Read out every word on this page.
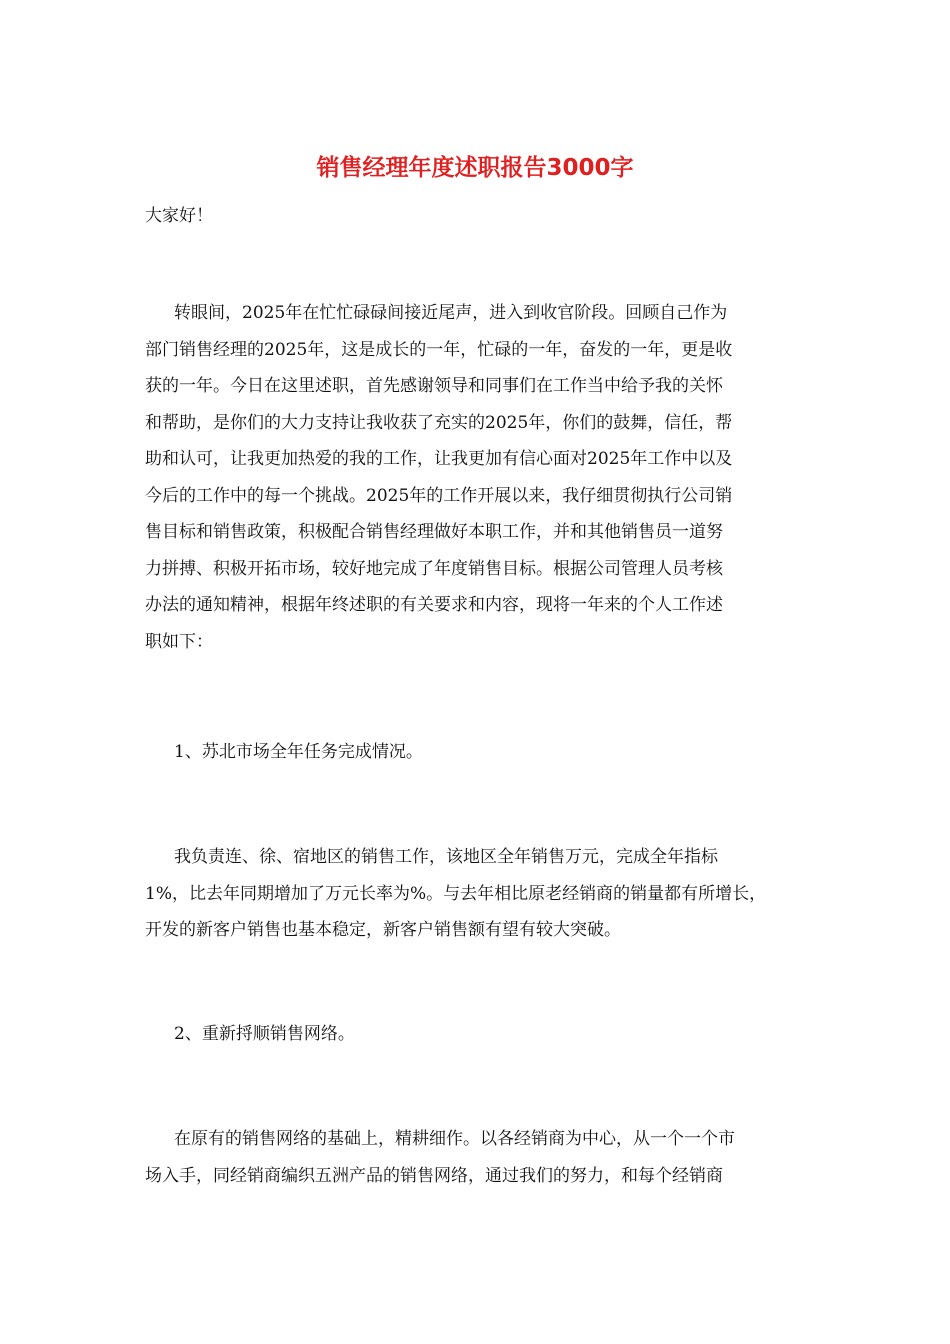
销售经理年度述职报告3000字
大家好！
转眼间，2025年在忙忙碌碌间接近尾声，进入到收官阶段。回顾自己作为
部门销售经理的2025年，这是成长的一年，忙碌的一年，奋发的一年，更是收
获的一年。今日在这里述职，首先感谢领导和同事们在工作当中给予我的关怀
和帮助，是你们的大力支持让我收获了充实的2025年，你们的鼓舞，信任，帮
助和认可，让我更加热爱的我的工作，让我更加有信心面对2025年工作中以及
今后的工作中的每一个挑战。2025年的工作开展以来，我仔细贯彻执行公司销
售目标和销售政策，积极配合销售经理做好本职工作，并和其他销售员一道努
力拼搏、积极开拓市场，较好地完成了年度销售目标。根据公司管理人员考核
办法的通知精神，根据年终述职的有关要求和内容，现将一年来的个人工作述
职如下：
1、苏北市场全年任务完成情况。
我负责连、徐、宿地区的销售工作，该地区全年销售万元，完成全年指标
1%，比去年同期增加了万元长率为%。与去年相比原老经销商的销量都有所增长，
开发的新客户销售也基本稳定，新客户销售额有望有较大突破。
2、重新捋顺销售网络。
在原有的销售网络的基础上，精耕细作。以各经销商为中心，从一个一个市
场入手，同经销商编织五洲产品的销售网络，通过我们的努力，和每个经销商
